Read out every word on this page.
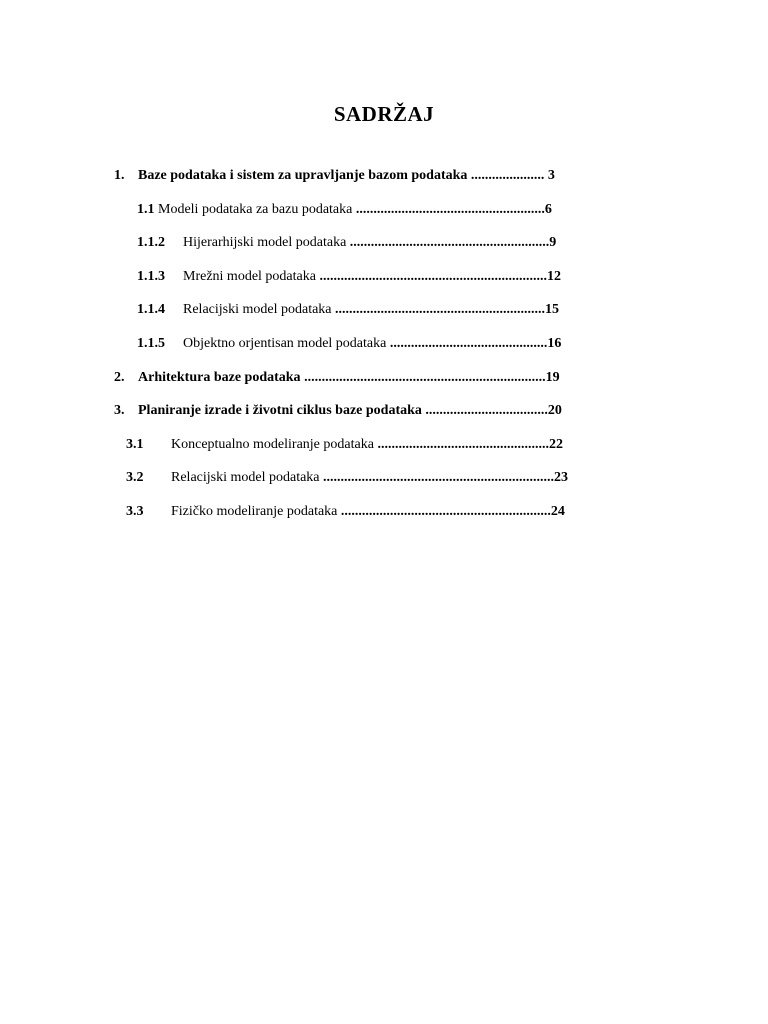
SADRŽAJ
1. Baze podataka i sistem za upravljanje bazom podataka ..................... 3
1.1 Modeli podataka za bazu podataka ......................................................6
1.1.2 Hijerarhijski model podataka .........................................................9
1.1.3 Mrežni model podataka .................................................................12
1.1.4 Relacijski model podataka ............................................................15
1.1.5 Objektno orjentisan model podataka .............................................16
2. Arhitektura baze podataka .....................................................................19
3. Planiranje izrade i životni ciklus baze podataka ...................................20
3.1 Konceptualno modeliranje podataka .................................................22
3.2 Relacijski model podataka ..................................................................23
3.3 Fizičko modeliranje podataka ............................................................24
